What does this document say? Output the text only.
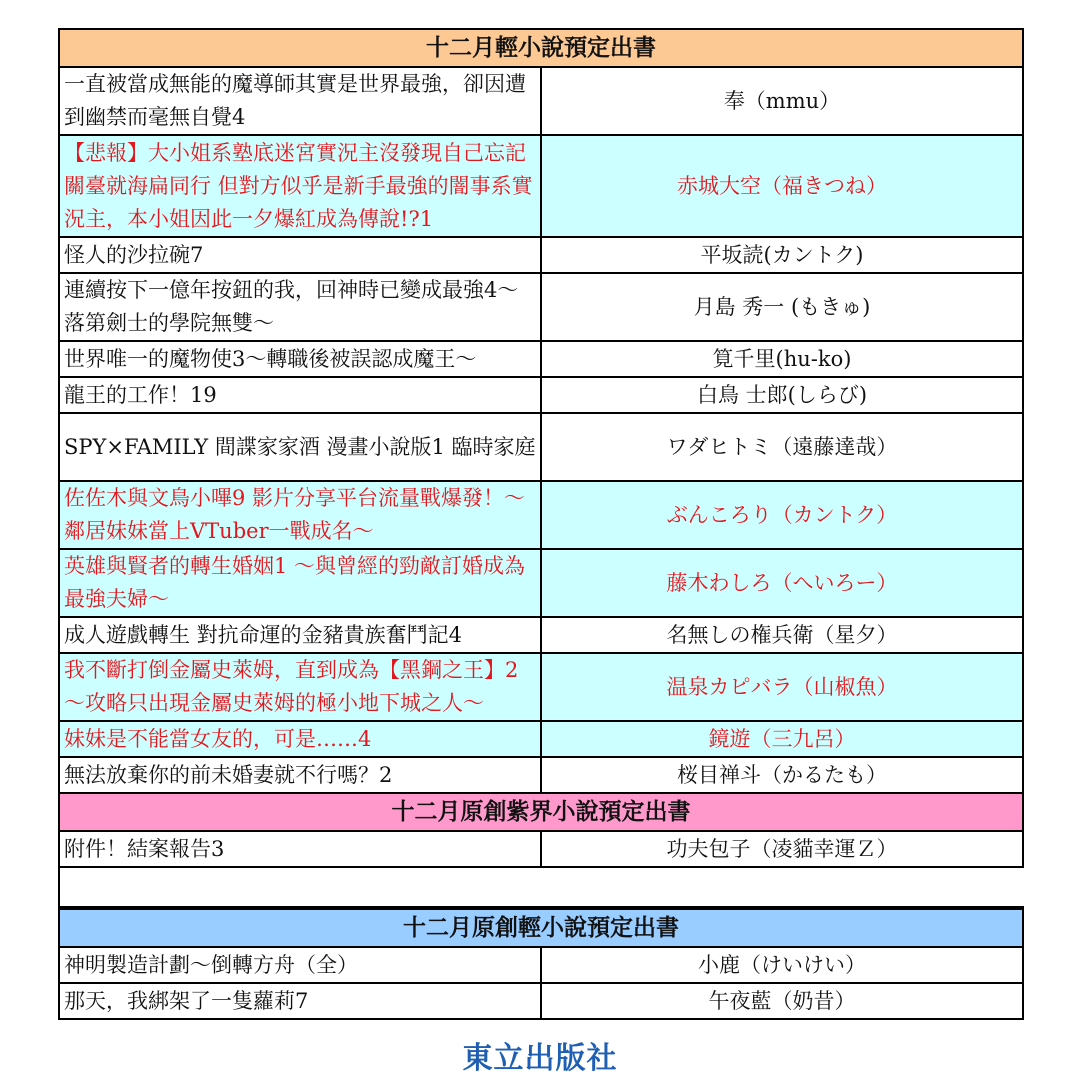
十二月輕小說預定出書	
一直被當成無能的魔導師其實是世界最強，卻因遭到幽禁而毫無自覺4	奉（mmu）
【悲報】大小姐系塾底迷宮實況主沒發現自己忘記關臺就海扁同行 但對方似乎是新手最強的闇事系實況主，本小姐因此一夕爆紅成為傳說!?1	赤城大空（福きつね）
怪人的沙拉碗7	平坂読(カントク)
連續按下一億年按鈕的我，回神時已變成最強4～落第劍士的學院無雙～	月島 秀一 (もきゅ)
世界唯一的魔物使3～轉職後被誤認成魔王～	筧千里(hu-ko)
龍王的工作！19	白鳥 士郎(しらび)
SPY×FAMILY 間諜家家酒 漫畫小說版1 臨時家庭	ワダヒトミ（遠藤達哉）
佐佐木與文鳥小嗶9 影片分享平台流量戰爆發！～鄰居妹妹當上VTuber一戰成名～	ぶんころり（カントク）
英雄與賢者的轉生婚姻1 ～與曾經的勁敵訂婚成為最強夫婦～	藤木わしろ（へいろー）
成人遊戲轉生 對抗命運的金豬貴族奮鬥記4	名無しの権兵衛（星夕）
我不斷打倒金屬史萊姆，直到成為【黑鋼之王】2～攻略只出現金屬史萊姆的極小地下城之人～	温泉カピバラ（山椒魚）
妹妹是不能當女友的，可是……4	鏡遊（三九呂）
無法放棄你的前未婚妻就不行嗎？2	桜目禅斗（かるたも）
十二月原創紫界小說預定出書	
附件！結案報告3	功夫包子（凌貓幸運Ｚ）
十二月原創輕小說預定出書	
神明製造計劃～倒轉方舟（全）	小鹿（けいけい）
那天，我綁架了一隻蘿莉7	午夜藍（奶昔）
東立出版社
